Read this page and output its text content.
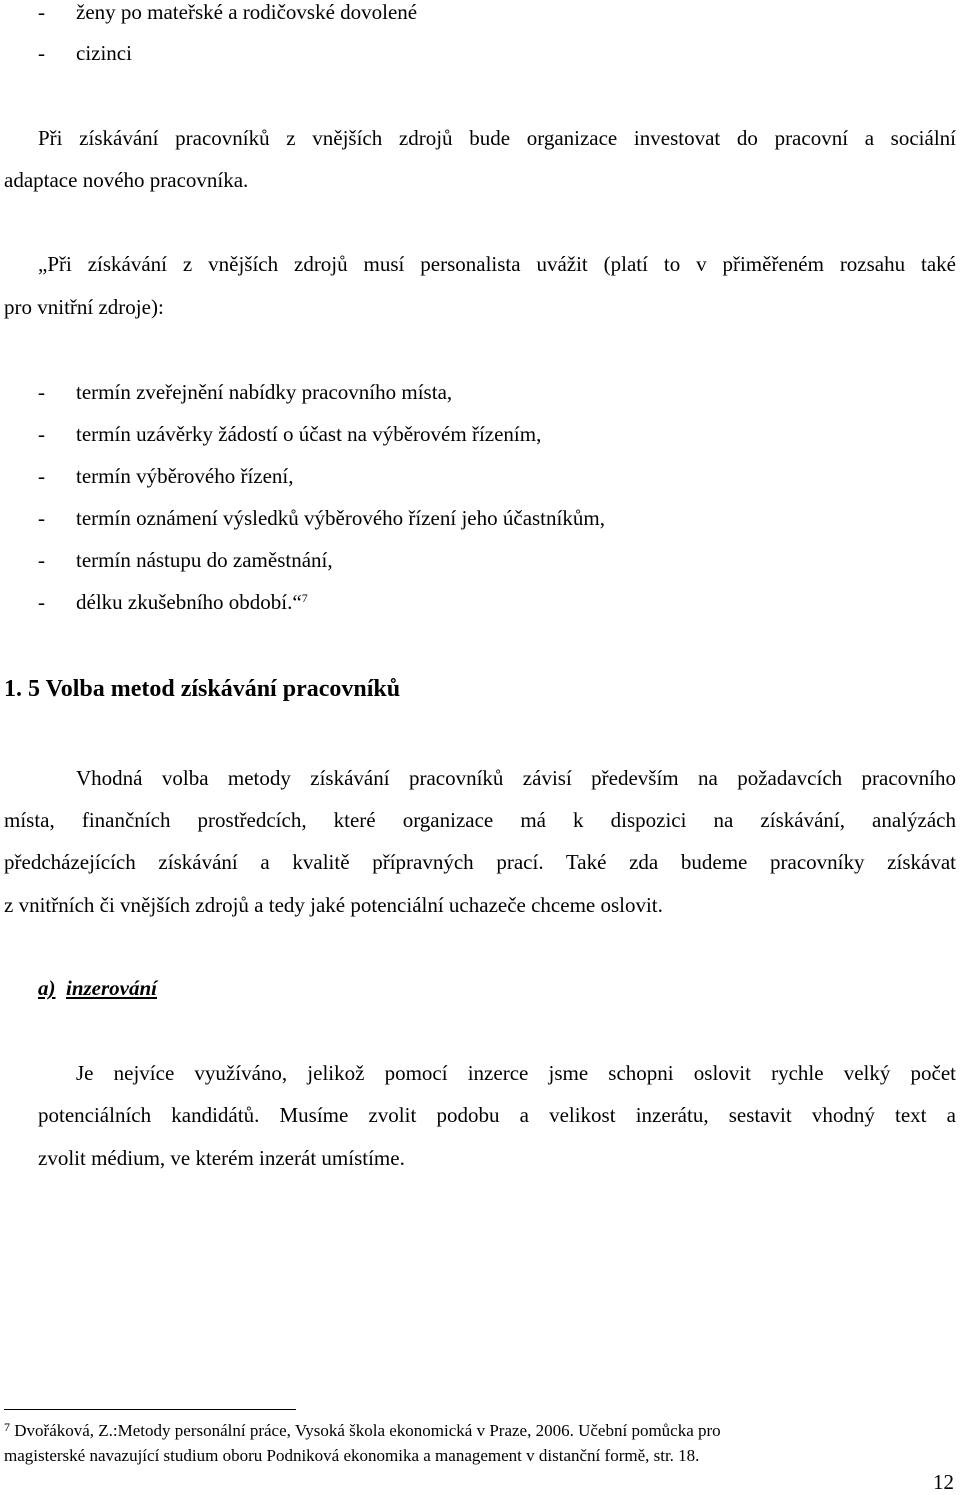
- ženy po mateřské a rodičovské dovolené
- cizinci
Při získávání pracovníků z vnějších zdrojů bude organizace investovat do pracovní a sociální
adaptace nového pracovníka.
„Při získávání z vnějších zdrojů musí personalista uvážit (platí to v přiměřeném rozsahu také
pro vnitřní zdroje):
- termín zveřejnění nabídky pracovního místa,
- termín uzávěrky žádostí o účast na výběrovém řízením,
- termín výběrového řízení,
- termín oznámení výsledků výběrového řízení jeho účastníkům,
- termín nástupu do zaměstnání,
- délku zkušebního období.“$^7$
1. 5 Volba metod získávání pracovníků
Vhodná volba metody získávání pracovníků závisí především na požadavcích pracovního
místa, finančních prostředcích, které organizace má k dispozici na získávání, analýzách
předcházejících získávání a kvalitě přípravných prací. Také zda budeme pracovníky získávat
z vnitřních či vnějších zdrojů a tedy jaké potenciální uchazeče chceme oslovit.
a) inzerování
Je nejvíce využíváno, jelikož pomocí inzerce jsme schopni oslovit rychle velký počet
potenciálních kandidátů. Musíme zvolit podobu a velikost inzerátu, sestavit vhodný text a
zvolit médium, ve kterém inzerát umístíme.
$^7$ Dvořáková, Z.:Metody personální práce, Vysoká škola ekonomická v Praze, 2006. Učební pomůcka pro
magisterské navazující studium oboru Podniková ekonomika a management v distanční formě, str. 18.
12
